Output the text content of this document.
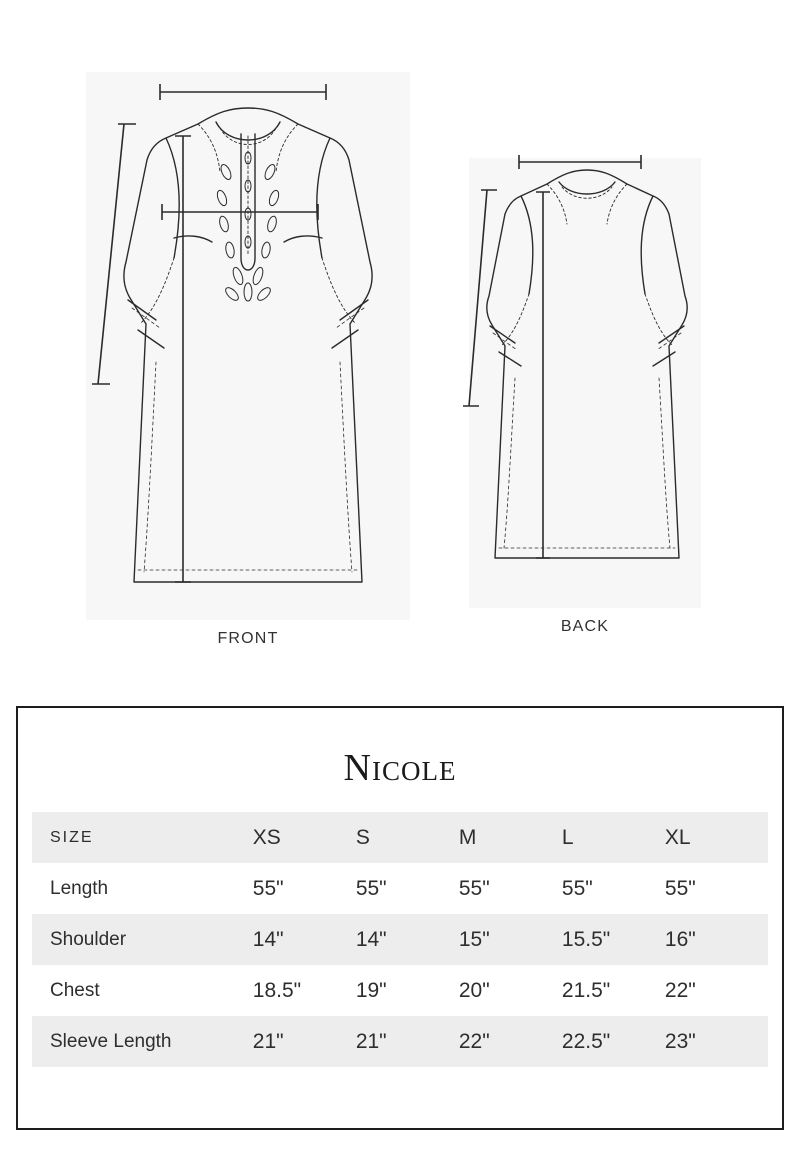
FRONT
BACK
Nicole
SIZE	XS	S	M	L	XL
Length	55"	55"	55"	55"	55"
Shoulder	14"	14"	15"	15.5"	16"
Chest	18.5"	19"	20"	21.5"	22"
Sleeve Length	21"	21"	22"	22.5"	23"
